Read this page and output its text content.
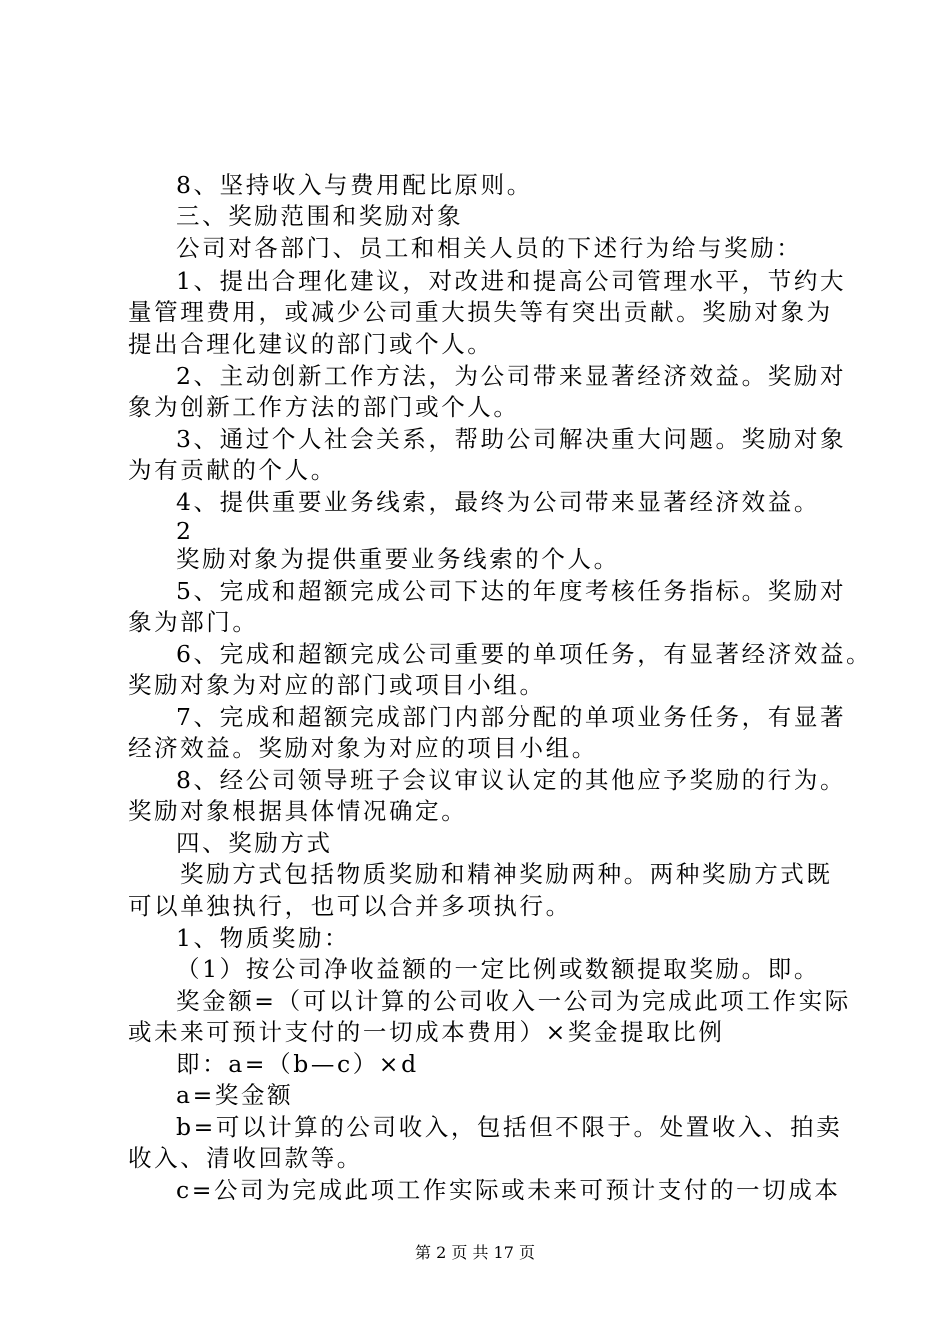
8、坚持收入与费用配比原则。
三、奖励范围和奖励对象
公司对各部门、员工和相关人员的下述行为给与奖励：
1、提出合理化建议，对改进和提高公司管理水平，节约大
量管理费用，或减少公司重大损失等有突出贡献。奖励对象为
提出合理化建议的部门或个人。
2、主动创新工作方法，为公司带来显著经济效益。奖励对
象为创新工作方法的部门或个人。
3、通过个人社会关系，帮助公司解决重大问题。奖励对象
为有贡献的个人。
4、提供重要业务线索，最终为公司带来显著经济效益。
2
奖励对象为提供重要业务线索的个人。
5、完成和超额完成公司下达的年度考核任务指标。奖励对
象为部门。
6、完成和超额完成公司重要的单项任务，有显著经济效益。
奖励对象为对应的部门或项目小组。
7、完成和超额完成部门内部分配的单项业务任务，有显著
经济效益。奖励对象为对应的项目小组。
8、经公司领导班子会议审议认定的其他应予奖励的行为。
奖励对象根据具体情况确定。
四、奖励方式
奖励方式包括物质奖励和精神奖励两种。两种奖励方式既
可以单独执行，也可以合并多项执行。
1、物质奖励：
（1）按公司净收益额的一定比例或数额提取奖励。即。
奖金额=（可以计算的公司收入一公司为完成此项工作实际
或未来可预计支付的一切成本费用）×奖金提取比例
即：a=（b—c）×d
a=奖金额
b=可以计算的公司收入，包括但不限于。处置收入、拍卖
收入、清收回款等。
c=公司为完成此项工作实际或未来可预计支付的一切成本
第 2 页 共 17 页
